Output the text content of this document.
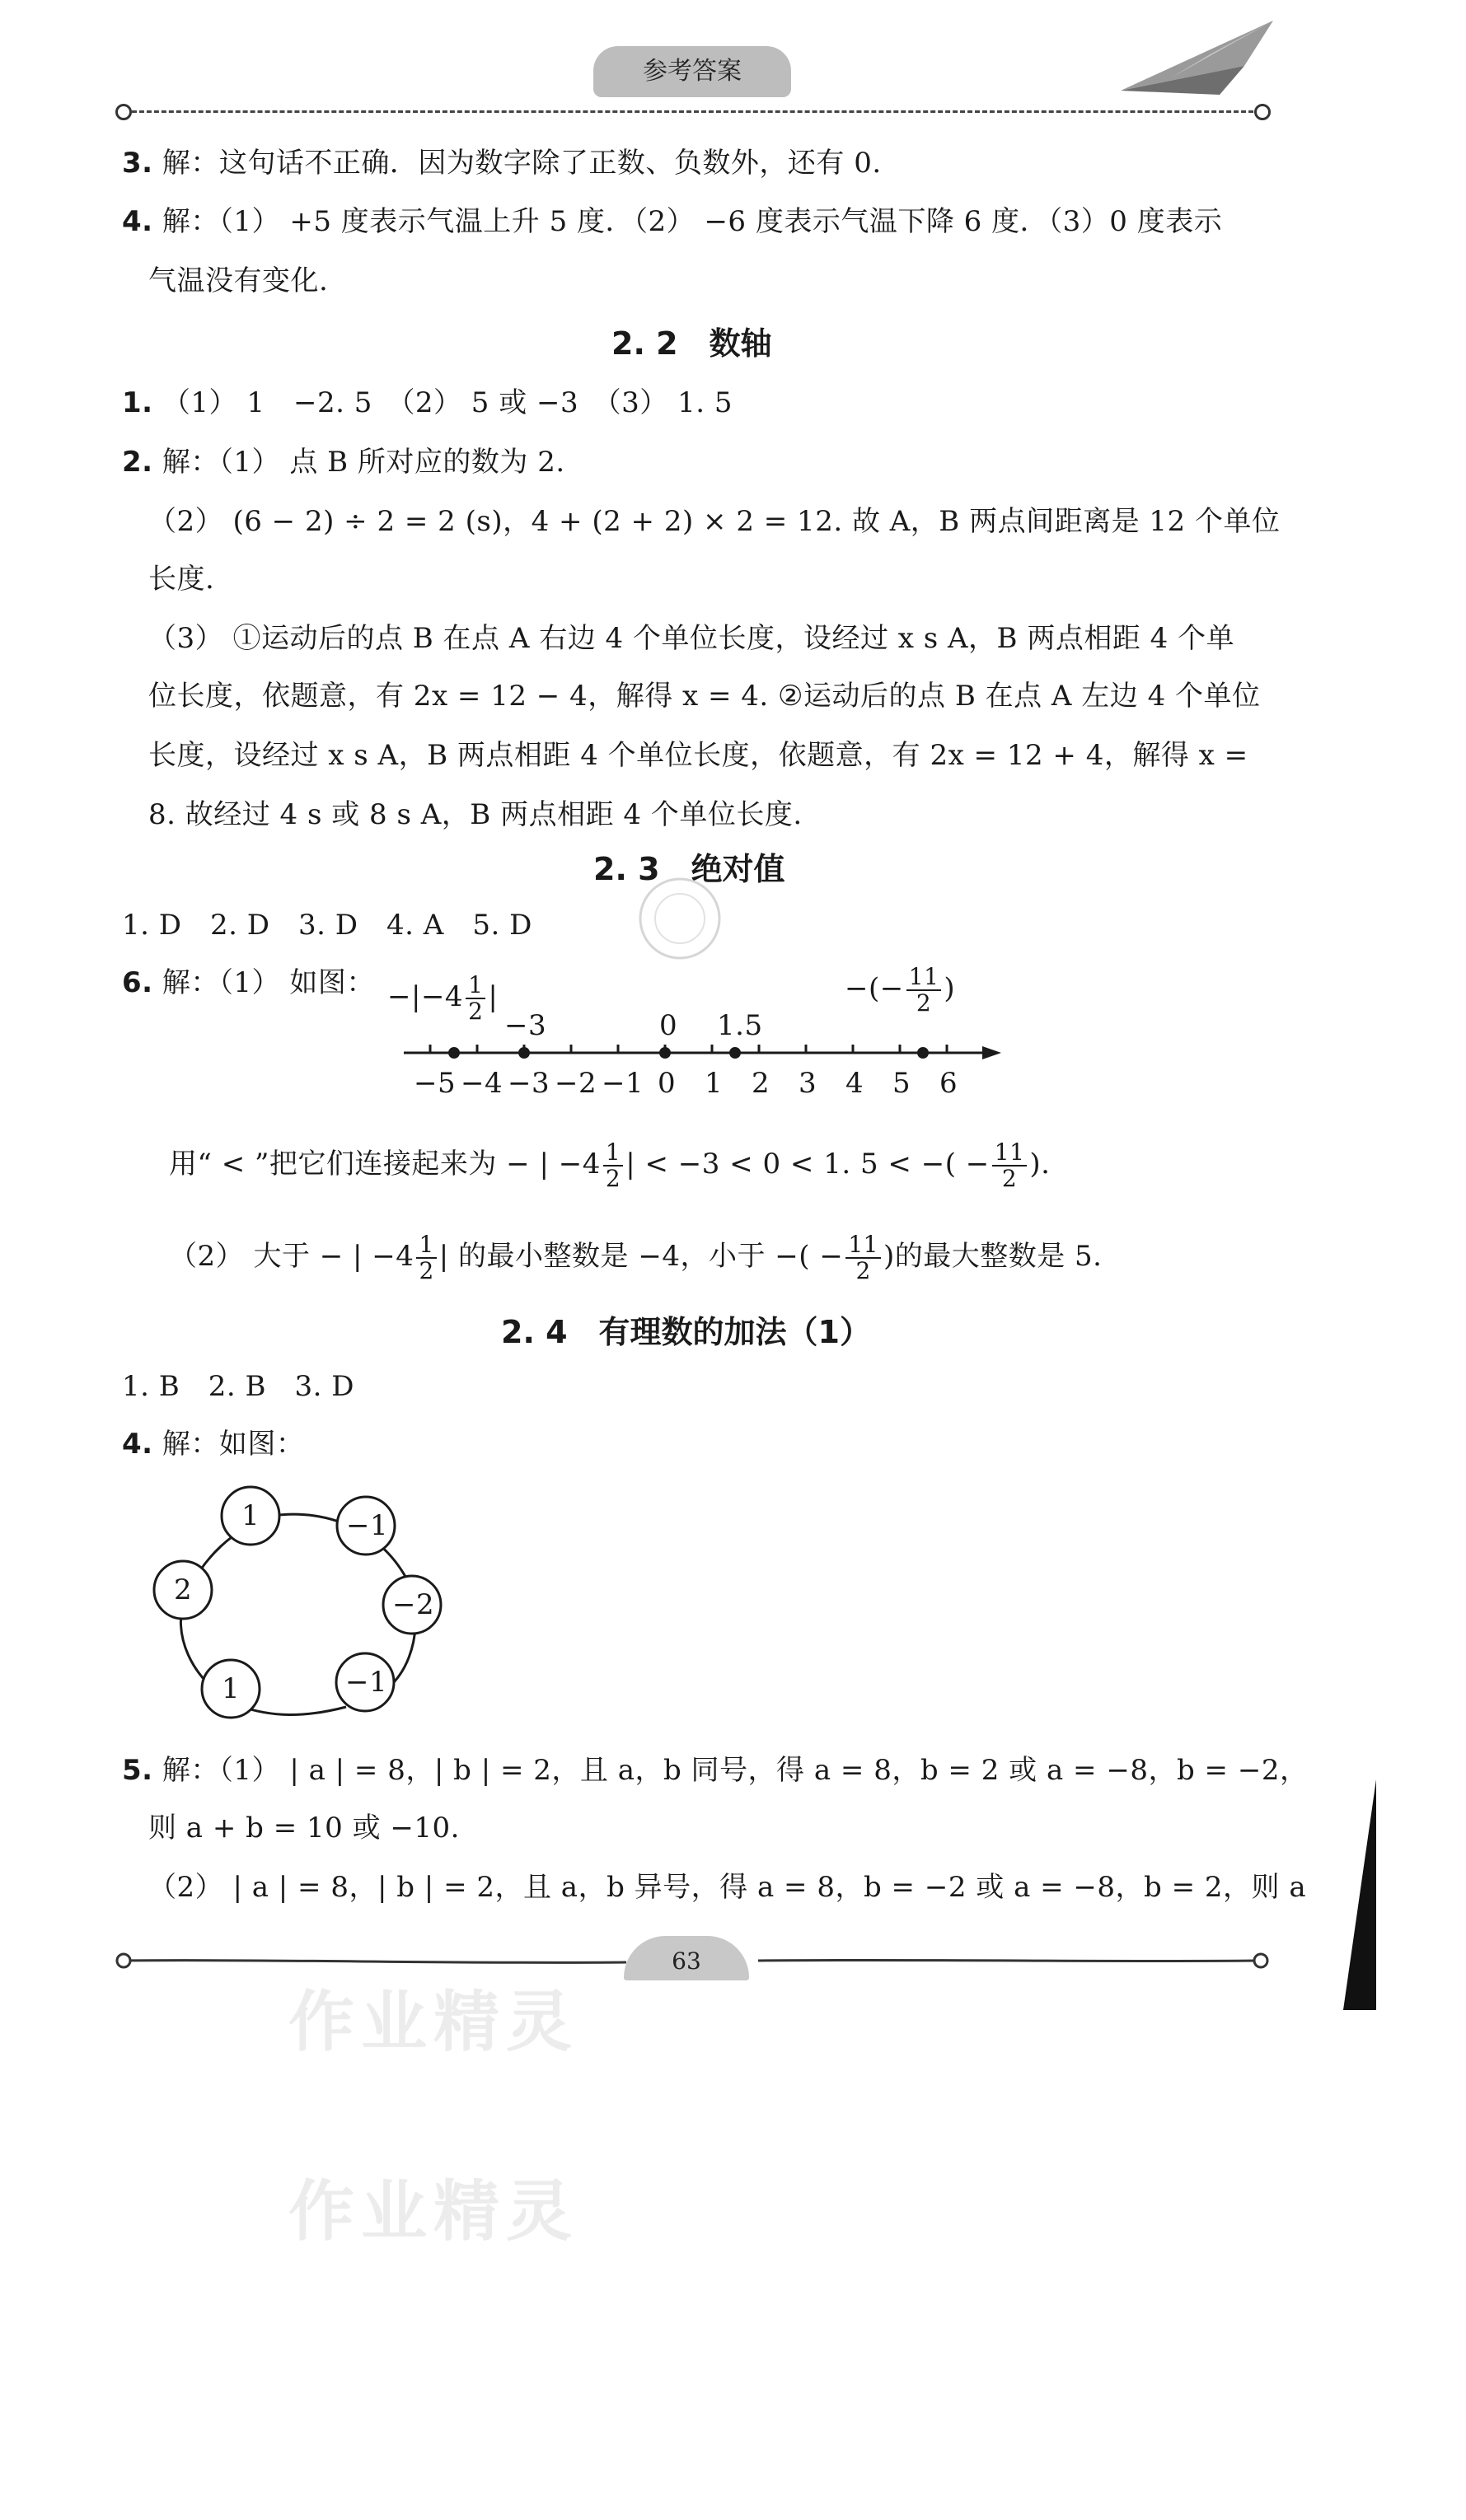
参考答案
3. 解：这句话不正确．因为数字除了正数、负数外，还有 0.
4. 解：（1） +5 度表示气温上升 5 度．（2） −6 度表示气温下降 6 度．（3）0 度表示
气温没有变化.
2. 2　数轴
1. （1） 1　−2. 5　（2） 5 或 −3　（3） 1. 5
2. 解：（1） 点 B 所对应的数为 2.
（2） (6 − 2) ÷ 2 = 2 (s)，4 + (2 + 2) × 2 = 12. 故 A，B 两点间距离是 12 个单位
长度.
（3） ①运动后的点 B 在点 A 右边 4 个单位长度，设经过 x s A，B 两点相距 4 个单
位长度，依题意，有 2x = 12 − 4，解得 x = 4. ②运动后的点 B 在点 A 左边 4 个单位
长度，设经过 x s A，B 两点相距 4 个单位长度，依题意，有 2x = 12 + 4，解得 x =
8. 故经过 4 s 或 8 s A，B 两点相距 4 个单位长度.
2. 3　绝对值
1. D　2. D　3. D　4. A　5. D
6. 解：（1） 如图： $-|-4 \frac{1}{2}$ |
−3	0 1.5
−(− $\frac{11}{2}$ )
−5 −4 −3 −2 −1 0 1 2 3 4 5 6
用“ < ”把它们连接起来为 − | $-4 \frac{1}{2}$ | < −3 < 0 < 1. 5 < −( − $\frac{11}{2}$ ).
（2） 大于 − | $-4 \frac{1}{2}$ | 的最小整数是 −4，小于 −( − $\frac{11}{2}$ )的最大整数是 5.
2. 4　有理数的加法（1）
1. B　2. B　3. D
4. 解：如图：
1	−1
−2
−1
1
2
5. 解：（1） | a | = 8，| b | = 2，且 a，b 同号，得 a = 8，b = 2 或 a = −8，b = −2，
则 a + b = 10 或 −10.
（2） | a | = 8，| b | = 2，且 a，b 异号，得 a = 8，b = −2 或 a = −8，b = 2，则 a
63
作业精灵
作业精灵
